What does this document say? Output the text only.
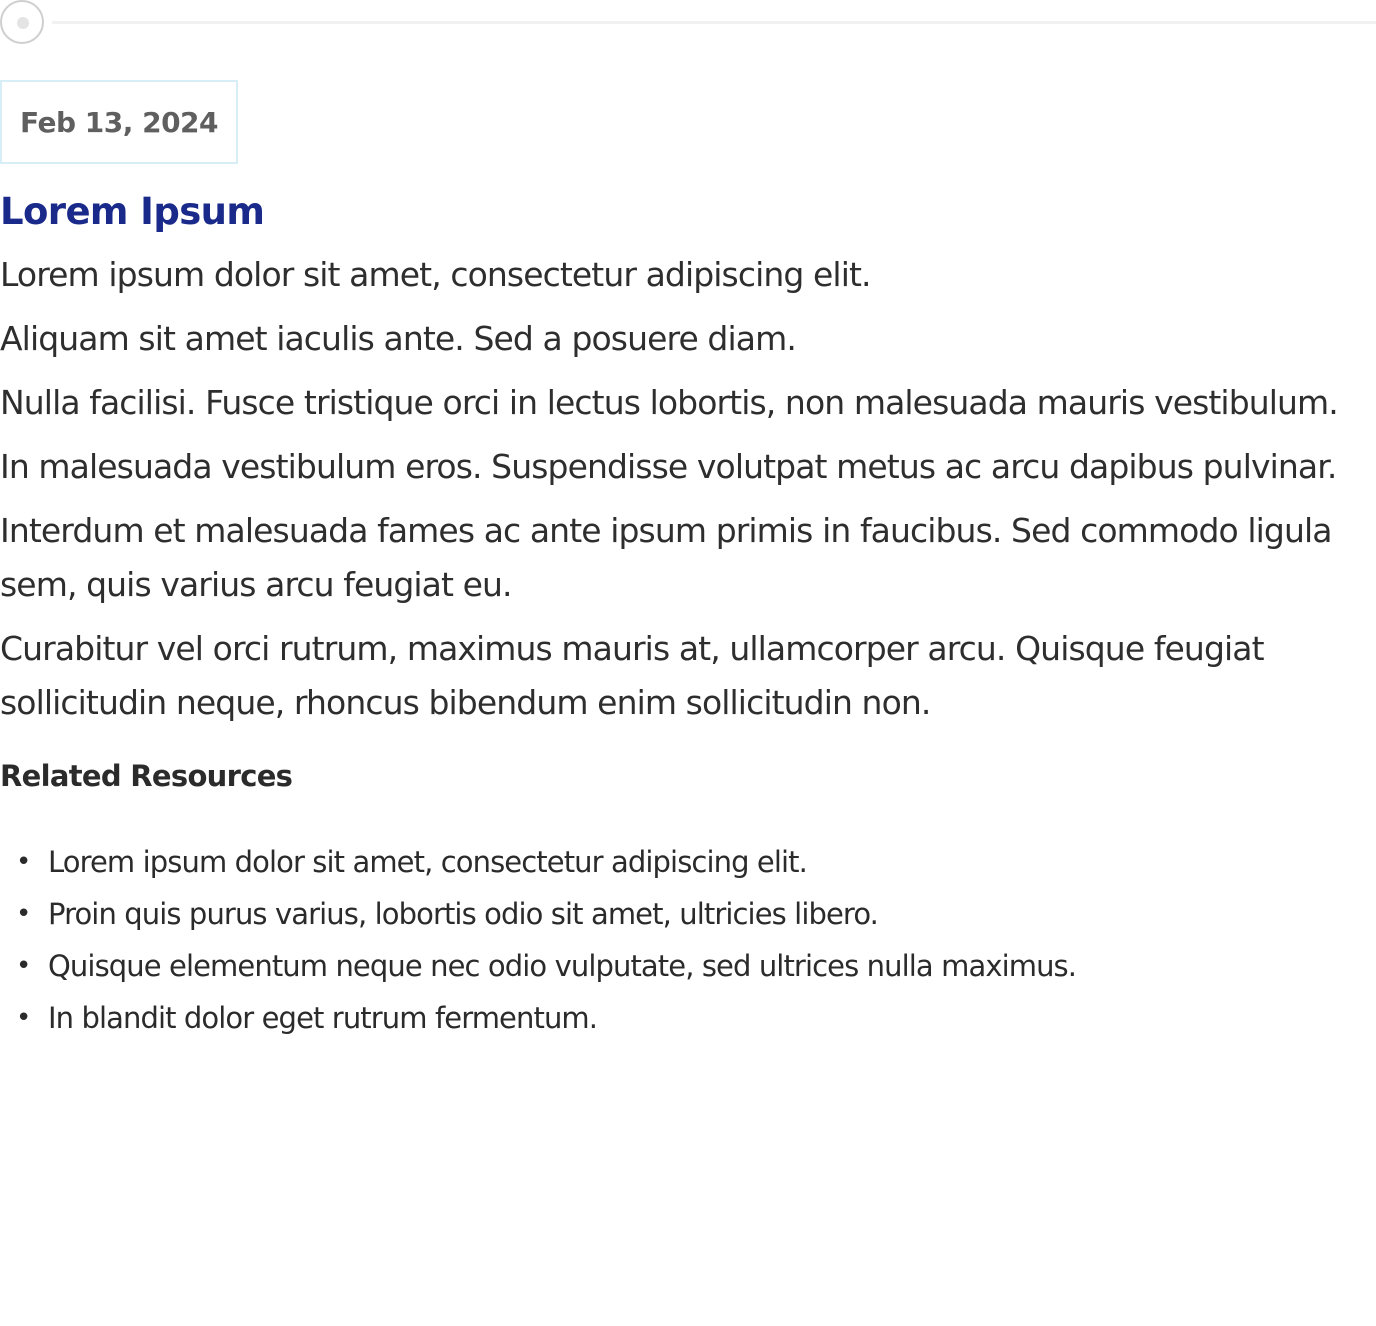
Feb 13, 2024
Lorem Ipsum

Lorem ipsum dolor sit amet, consectetur adipiscing elit.

Aliquam sit amet iaculis ante. Sed a posuere diam.

Nulla facilisi. Fusce tristique orci in lectus lobortis, non malesuada mauris vestibulum.

In malesuada vestibulum eros. Suspendisse volutpat metus ac arcu dapibus pulvinar.

Interdum et malesuada fames ac ante ipsum primis in faucibus. Sed commodo ligula sem, quis varius arcu feugiat eu.

Curabitur vel orci rutrum, maximus mauris at, ullamcorper arcu. Quisque feugiat sollicitudin neque, rhoncus bibendum enim sollicitudin non.

Related Resources
• Lorem ipsum dolor sit amet, consectetur adipiscing elit.
• Proin quis purus varius, lobortis odio sit amet, ultricies libero.
• Quisque elementum neque nec odio vulputate, sed ultrices nulla maximus.
• In blandit dolor eget rutrum fermentum.
